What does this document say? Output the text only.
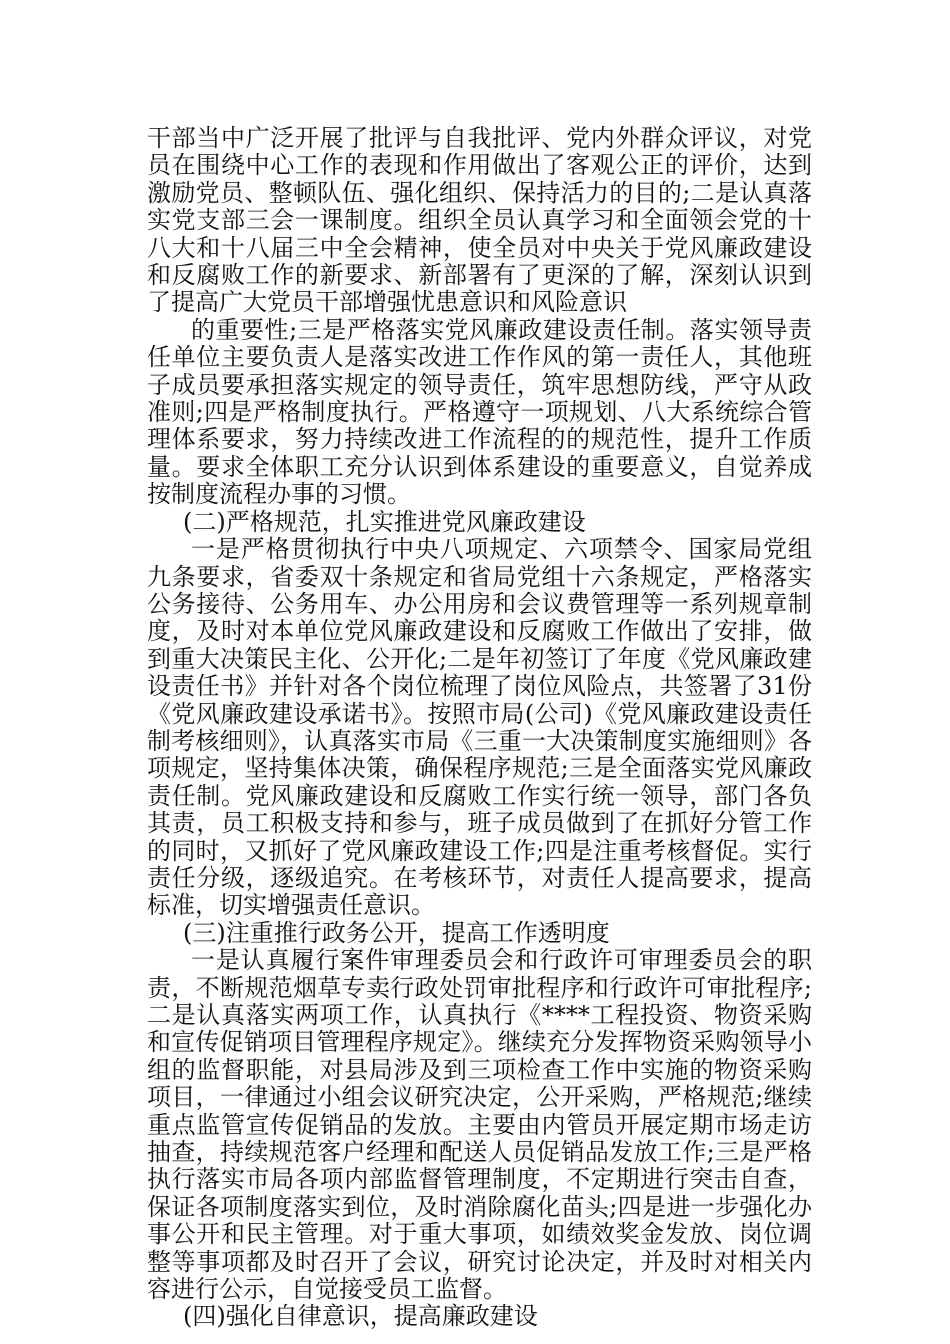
干部当中广泛开展了批评与自我批评、党内外群众评议，对党员在围绕中心工作的表现和作用做出了客观公正的评价，达到激励党员、整顿队伍、强化组织、保持活力的目的;二是认真落实党支部三会一课制度。组织全员认真学习和全面领会党的十八大和十八届三中全会精神，使全员对中央关于党风廉政建设和反腐败工作的新要求、新部署有了更深的了解，深刻认识到了提高广大党员干部增强忧患意识和风险意识

的重要性;三是严格落实党风廉政建设责任制。落实领导责任单位主要负责人是落实改进工作作风的第一责任人，其他班子成员要承担落实规定的领导责任，筑牢思想防线，严守从政准则;四是严格制度执行。严格遵守一项规划、八大系统综合管理体系要求，努力持续改进工作流程的的规范性，提升工作质量。要求全体职工充分认识到体系建设的重要意义，自觉养成按制度流程办事的习惯。

(二)严格规范，扎实推进党风廉政建设

一是严格贯彻执行中央八项规定、六项禁令、国家局党组九条要求，省委双十条规定和省局党组十六条规定，严格落实公务接待、公务用车、办公用房和会议费管理等一系列规章制度，及时对本单位党风廉政建设和反腐败工作做出了安排，做到重大决策民主化、公开化;二是年初签订了年度《党风廉政建设责任书》并针对各个岗位梳理了岗位风险点，共签署了31份《党风廉政建设承诺书》。按照市局(公司)《党风廉政建设责任制考核细则》，认真落实市局《三重一大决策制度实施细则》各项规定，坚持集体决策，确保程序规范;三是全面落实党风廉政责任制。党风廉政建设和反腐败工作实行统一领导，部门各负其责，员工积极支持和参与，班子成员做到了在抓好分管工作的同时，又抓好了党风廉政建设工作;四是注重考核督促。实行责任分级，逐级追究。在考核环节，对责任人提高要求，提高标准，切实增强责任意识。

(三)注重推行政务公开，提高工作透明度

一是认真履行案件审理委员会和行政许可审理委员会的职责，不断规范烟草专卖行政处罚审批程序和行政许可审批程序;二是认真落实两项工作，认真执行《****工程投资、物资采购和宣传促销项目管理程序规定》。继续充分发挥物资采购领导小组的监督职能，对县局涉及到三项检查工作中实施的物资采购项目，一律通过小组会议研究决定，公开采购，严格规范;继续重点监管宣传促销品的发放。主要由内管员开展定期市场走访抽查，持续规范客户经理和配送人员促销品发放工作;三是严格执行落实市局各项内部监督管理制度，不定期进行突击自查，保证各项制度落实到位，及时消除腐化苗头;四是进一步强化办事公开和民主管理。对于重大事项，如绩效奖金发放、岗位调整等事项都及时召开了会议，研究讨论决定，并及时对相关内容进行公示，自觉接受员工监督。

(四)强化自律意识，提高廉政建设
